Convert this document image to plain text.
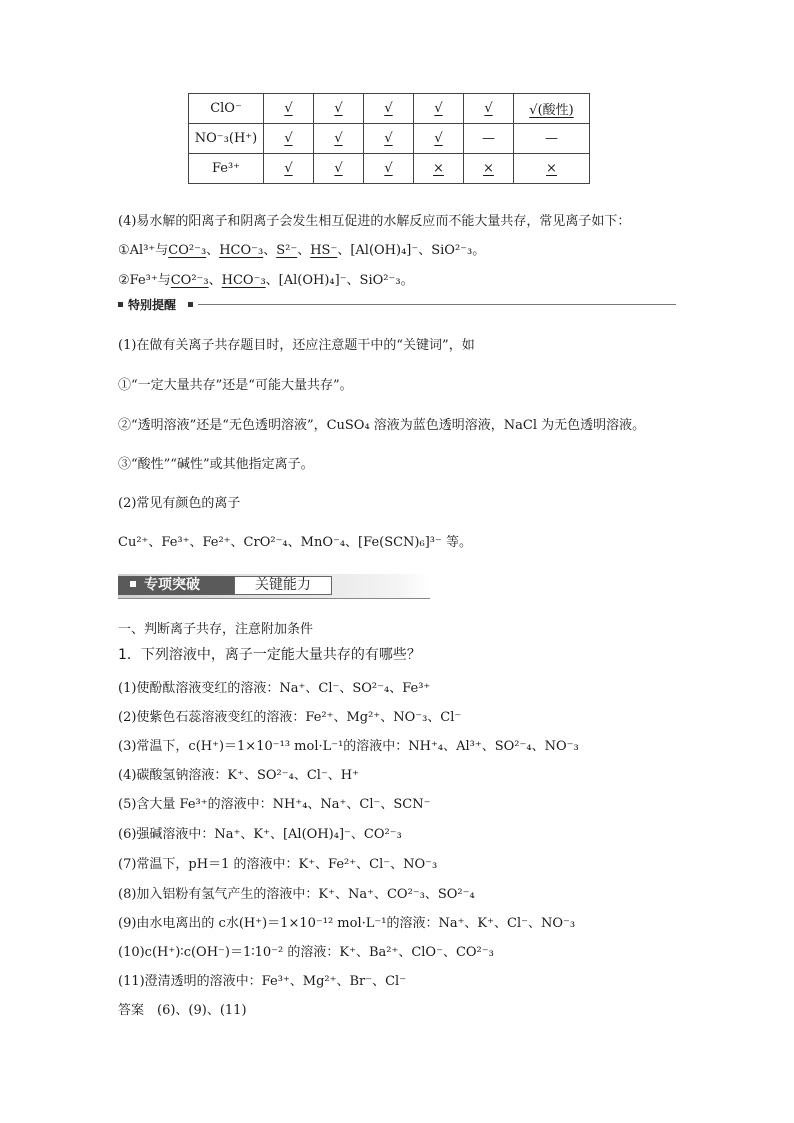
ClO⁻	√	√	√	√	√	√(酸性)
NO⁻₃(H⁺)	√	√	√	√	—	—
Fe³⁺	√	√	√	×	×	×
(4)易水解的阳离子和阴离子会发生相互促进的水解反应而不能大量共存，常见离子如下：
①Al³⁺与CO²⁻₃、HCO⁻₃、S²⁻、HS⁻、[Al(OH)₄]⁻、SiO²⁻₃。
②Fe³⁺与CO²⁻₃、HCO⁻₃、[Al(OH)₄]⁻、SiO²⁻₃。
特别提醒
(1)在做有关离子共存题目时，还应注意题干中的“关键词”，如
①“一定大量共存”还是“可能大量共存”。
②“透明溶液”还是“无色透明溶液”，CuSO₄ 溶液为蓝色透明溶液，NaCl 为无色透明溶液。
③“酸性”“碱性”或其他指定离子。
(2)常见有颜色的离子
Cu²⁺、Fe³⁺、Fe²⁺、CrO²⁻₄、MnO⁻₄、[Fe(SCN)₆]³⁻ 等。
专项突破	关键能力
一、判断离子共存，注意附加条件
1．下列溶液中，离子一定能大量共存的有哪些？
(1)使酚酞溶液变红的溶液：Na⁺、Cl⁻、SO²⁻₄、Fe³⁺
(2)使紫色石蕊溶液变红的溶液：Fe²⁺、Mg²⁺、NO⁻₃、Cl⁻
(3)常温下，c(H⁺)＝1×10⁻¹³ mol·L⁻¹的溶液中：NH⁺₄、Al³⁺、SO²⁻₄、NO⁻₃
(4)碳酸氢钠溶液：K⁺、SO²⁻₄、Cl⁻、H⁺
(5)含大量 Fe³⁺的溶液中：NH⁺₄、Na⁺、Cl⁻、SCN⁻
(6)强碱溶液中：Na⁺、K⁺、[Al(OH)₄]⁻、CO²⁻₃
(7)常温下，pH＝1 的溶液中：K⁺、Fe²⁺、Cl⁻、NO⁻₃
(8)加入铝粉有氢气产生的溶液中：K⁺、Na⁺、CO²⁻₃、SO²⁻₄
(9)由水电离出的 c水(H⁺)＝1×10⁻¹² mol·L⁻¹的溶液：Na⁺、K⁺、Cl⁻、NO⁻₃
(10)c(H⁺)∶c(OH⁻)＝1∶10⁻² 的溶液：K⁺、Ba²⁺、ClO⁻、CO²⁻₃
(11)澄清透明的溶液中：Fe³⁺、Mg²⁺、Br⁻、Cl⁻
答案　(6)、(9)、(11)
